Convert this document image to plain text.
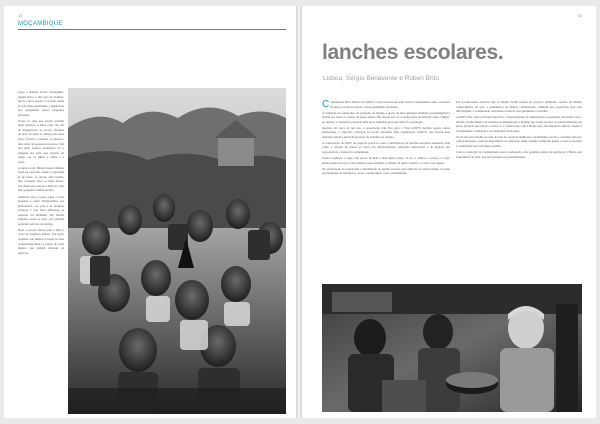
14
MOÇAMBIQUE

jogos e desfiles locais. Entregámo-alguns livros e um jogo de dominó, que foi furor. Agora, os jovens ainda lá com mais entusiasmo e ainda hoje nos perguntam pelos pequenos presentes.

Todos os dias nos foram trazidas mais crianças, e mais cedo. No dia de inauguração da escola, fizemos de novo levantar os alunos para uma festa. O teatro, a música, as danças e uma série de pequenos tesouros. Um dos mais bonitos momentos foi a chegada dos pais, que vieram, de longe, ver os filhos a cantar e a rezar.

A fome é real. Muitos destes miúdos saem de casa sem comer e regressam já de noite. A escola, sem lanche, não consegue reter os mais novos. Foi daqui que nasceu a ideia de criar uma pequena cantina escolar.

Sentimos que o nosso papel é estar presente e ouvir. Perguntámos aos professores, aos pais e às próprias crianças o que faria diferença. A resposta foi unânime: um lanche simples, todos os dias, que permita aprender sem dor de barriga.

Hoje, a escola oferece pão e fruta a cerca de duzentos alunos. Um gesto pequeno que mudou a rotina de uma comunidade inteira e trouxe de volta muitos que tinham deixado de aparecer.

15
lanches escolares.
Lisboa, Sérgio Benavente e Rúben Brito

Comunidade Silva Macua no Sabuã. Lá dos nossos para uma reserva comunidade onde a escassez de leite se torna de notícia, desde optimismo momento.

A avaliação da equipa tipo de proteção ou mesmo a apoio de uma qualquer entidade governamental é visível por todos os cantos da nossa aldeia. Não foram eu e tu as dedicações da ONGD como a Helpo, no terreno, e estaremos pretende uma nova realidade para esta parte da população.

Quando, há cerca de um ano, a Associação Um Tiro para a Vida (ATPV) decidiu apoiar outras instituições, o objectivo principal era poder encontrar uma organização credível, que tivesse uma estrutura sólida e um bom processo de trabalho no terreno.

A colaboração da ATPV no projecto prevê-se como a distribuição de lanches escolares semanais, bem como a criação de meios ao nível das infraestruturas, educação nutricional e de higiene dos responsáveis e alunos da comunidade.

Fomos conhecer o lugar. Um pouco de tudo e tudo muito pouco. O rio, o campo, a escola, e o fogo numa panela de barro. Um primeiro passo mínimo, a atitude de querer ajudar, e o resto veio depois.

Ter participado na preparação e distribuição do lanche escolar, para além de ser emocionante, foi uma oportunidade de fortalecer o nosso compromisso com a comunidade.

Foi reconfortante observar que os fundos foram usados no projecto delineado. Apesar do melhor conhecimento do que, a semelhança de muitas comunidades, também esta população está com dificuldades, a comunidade contribuiu a falta do seu quotidiano e trabalho.

A ATPV tem como principal objectivo o financiamento de alimentação à população envolvida com o lanche e fornecimento de material de alimentação e higiene nas várias escolas. A grande diferença do nosso projecto em relação a outros é a colaboração com a Helpo que, em diferentes alturas, visitou e acompanhou a realidade e os resultados alcançados.

Se através dos lanches na sala de aula for possível melhorar a assiduidade escolar e conciliar esforços com professores e pais na importância da educação, então teremos cumprido juntos o nosso propósito e contribuído para um futuro melhor.

Com a convicção da continuidade nesta colaboração, não podemos deixar de agradecer à Helpo esta experiência de vida, que nos enriqueceu profundamente.
